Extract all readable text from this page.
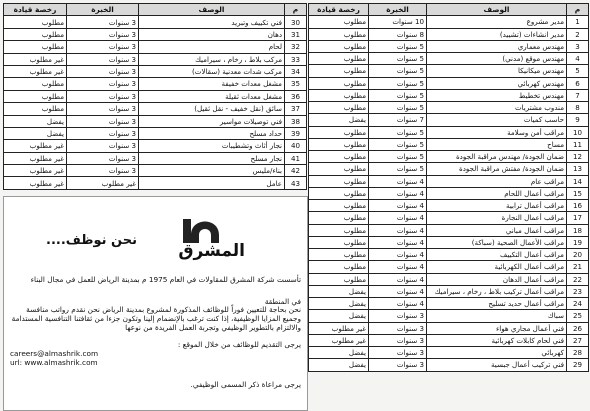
م	الوصف	الخبرة	رخصة قيادة
1	مدير مشروع	10 سنوات	مطلوب
2	مدير انشاءات (تشييد)	8 سنوات	مطلوب
3	مهندس معماري	5 سنوات	مطلوب
4	مهندس موقع (مدني)	5 سنوات	مطلوب
5	مهندس ميكانيكا	5 سنوات	مطلوب
6	مهندس كهربائي	5 سنوات	مطلوب
7	مهندس تخطيط	5 سنوات	مطلوب
8	مندوب مشتريات	5 سنوات	مطلوب
9	حاسب كميات	7 سنوات	يفضل
10	مراقب أمن وسلامة	5 سنوات	مطلوب
11	مساح	5 سنوات	مطلوب
12	ضمان الجودة/ مهندس مراقبة الجودة	5 سنوات	مطلوب
13	ضمان الجودة/ مفتش مراقبة الجودة	5 سنوات	مطلوب
14	مراقب عام	4 سنوات	مطلوب
15	مراقب أعمال اللحام	4 سنوات	مطلوب
16	مراقب أعمال ترابية	4 سنوات	مطلوب
17	مراقب أعمال النجارة	4 سنوات	مطلوب
18	مراقب أعمال مباني	4 سنوات	مطلوب
19	مراقب الأعمال الصحية (سباكة)	4 سنوات	مطلوب
20	مراقب أعمال التكييف	4 سنوات	مطلوب
21	مراقب أعمال الكهربائية	4 سنوات	مطلوب
22	مراقب أعمال الدهان	4 سنوات	مطلوب
23	مراقب أعمال تركيب بلاط ، رخام ، سيراميك	4 سنوات	يفضل
24	مراقب أعمال حديد تسليح	4 سنوات	يفضل
25	سباك	3 سنوات	يفضل
26	فني أعمال مجاري هواء	3 سنوات	غير مطلوب
27	فني لحام كابلات كهربائية	3 سنوات	غير مطلوب
28	كهربائي	3 سنوات	يفضل
29	فني تركيب أعمال جبسية	3 سنوات	يفضل
م	الوصف	الخبرة	رخصة قيادة
30	فني تكييف وتبريد	3 سنوات	مطلوب
31	دهان	3 سنوات	مطلوب
32	لحام	3 سنوات	مطلوب
33	مركب بلاط ، رخام ، سيراميك	3 سنوات	غير مطلوب
34	مركب شدات معدنية (سقالات)	3 سنوات	غير مطلوب
35	مشغل معدات خفيفة	3 سنوات	مطلوب
36	مشغل معدات ثقيلة	3 سنوات	مطلوب
37	سائق (نقل خفيف - نقل ثقيل)	3 سنوات	مطلوب
38	فني توصيلات مواسير	3 سنوات	يفضل
39	حداد مسلح	3 سنوات	يفضل
40	نجار أثاث وتشطيبات	3 سنوات	غير مطلوب
41	نجار مسلح	3 سنوات	غير مطلوب
42	بناء/مليس	3 سنوات	غير مطلوب
43	عامل	غير مطلوب	غير مطلوب
نحن نوظف....
المشرق
تأسست شركة المشرق للمقاولات في العام 1975 م بمدينة الرياض للعمل في مجال البناء
في المنطقة
نحن بحاجة للتعيين فوراً للوظائف المذكورة لمشروع بمدينة الرياض نحن نقدم رواتب منافسة وجميع المزايا الوظيفية، إذا كنت ترغب بالإنضمام إلينا وتكون جزءا من ثقافتنا التنافسية المستدامة والالتزام بالتطوير الوظيفي وتجربة العمل الفريدة من نوعها
يرجى التقديم للوظائف من خلال الموقع :
careers@almashrik.com
url: www.almashrik.com
يرجى مراعاة ذكر المسمى الوظيفي.
